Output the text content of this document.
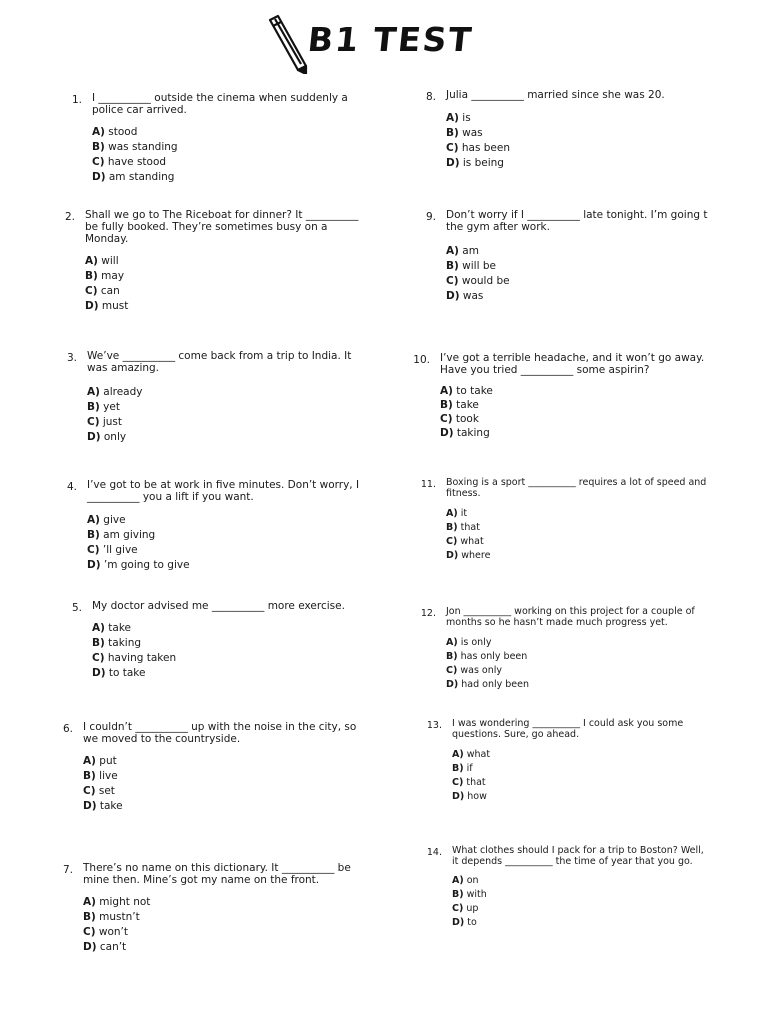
B1 TEST
1. I __________ outside the cinema when suddenly a police car arrived.
A) stood
B) was standing
C) have stood
D) am standing
2. Shall we go to The Riceboat for dinner? It __________ be fully booked. They’re sometimes busy on a Monday.
A) will
B) may
C) can
D) must
3. We’ve __________ come back from a trip to India. It was amazing.
A) already
B) yet
C) just
D) only
4. I’ve got to be at work in five minutes. Don’t worry, I __________ you a lift if you want.
A) give
B) am giving
C) ’ll give
D) ’m going to give
5. My doctor advised me __________ more exercise.
A) take
B) taking
C) having taken
D) to take
6. I couldn’t __________ up with the noise in the city, so we moved to the countryside.
A) put
B) live
C) set
D) take
7. There’s no name on this dictionary. It __________ be mine then. Mine’s got my name on the front.
A) might not
B) mustn’t
C) won’t
D) can’t
8. Julia __________ married since she was 20.
A) is
B) was
C) has been
D) is being
9. Don’t worry if I __________ late tonight. I’m going t the gym after work.
A) am
B) will be
C) would be
D) was
10. I’ve got a terrible headache, and it won’t go away. Have you tried __________ some aspirin?
A) to take
B) take
C) took
D) taking
11. Boxing is a sport __________ requires a lot of speed and fitness.
A) it
B) that
C) what
D) where
12. Jon __________ working on this project for a couple of months so he hasn’t made much progress yet.
A) is only
B) has only been
C) was only
D) had only been
13. I was wondering __________ I could ask you some questions. Sure, go ahead.
A) what
B) if
C) that
D) how
14. What clothes should I pack for a trip to Boston? Well, it depends __________ the time of year that you go.
A) on
B) with
C) up
D) to
